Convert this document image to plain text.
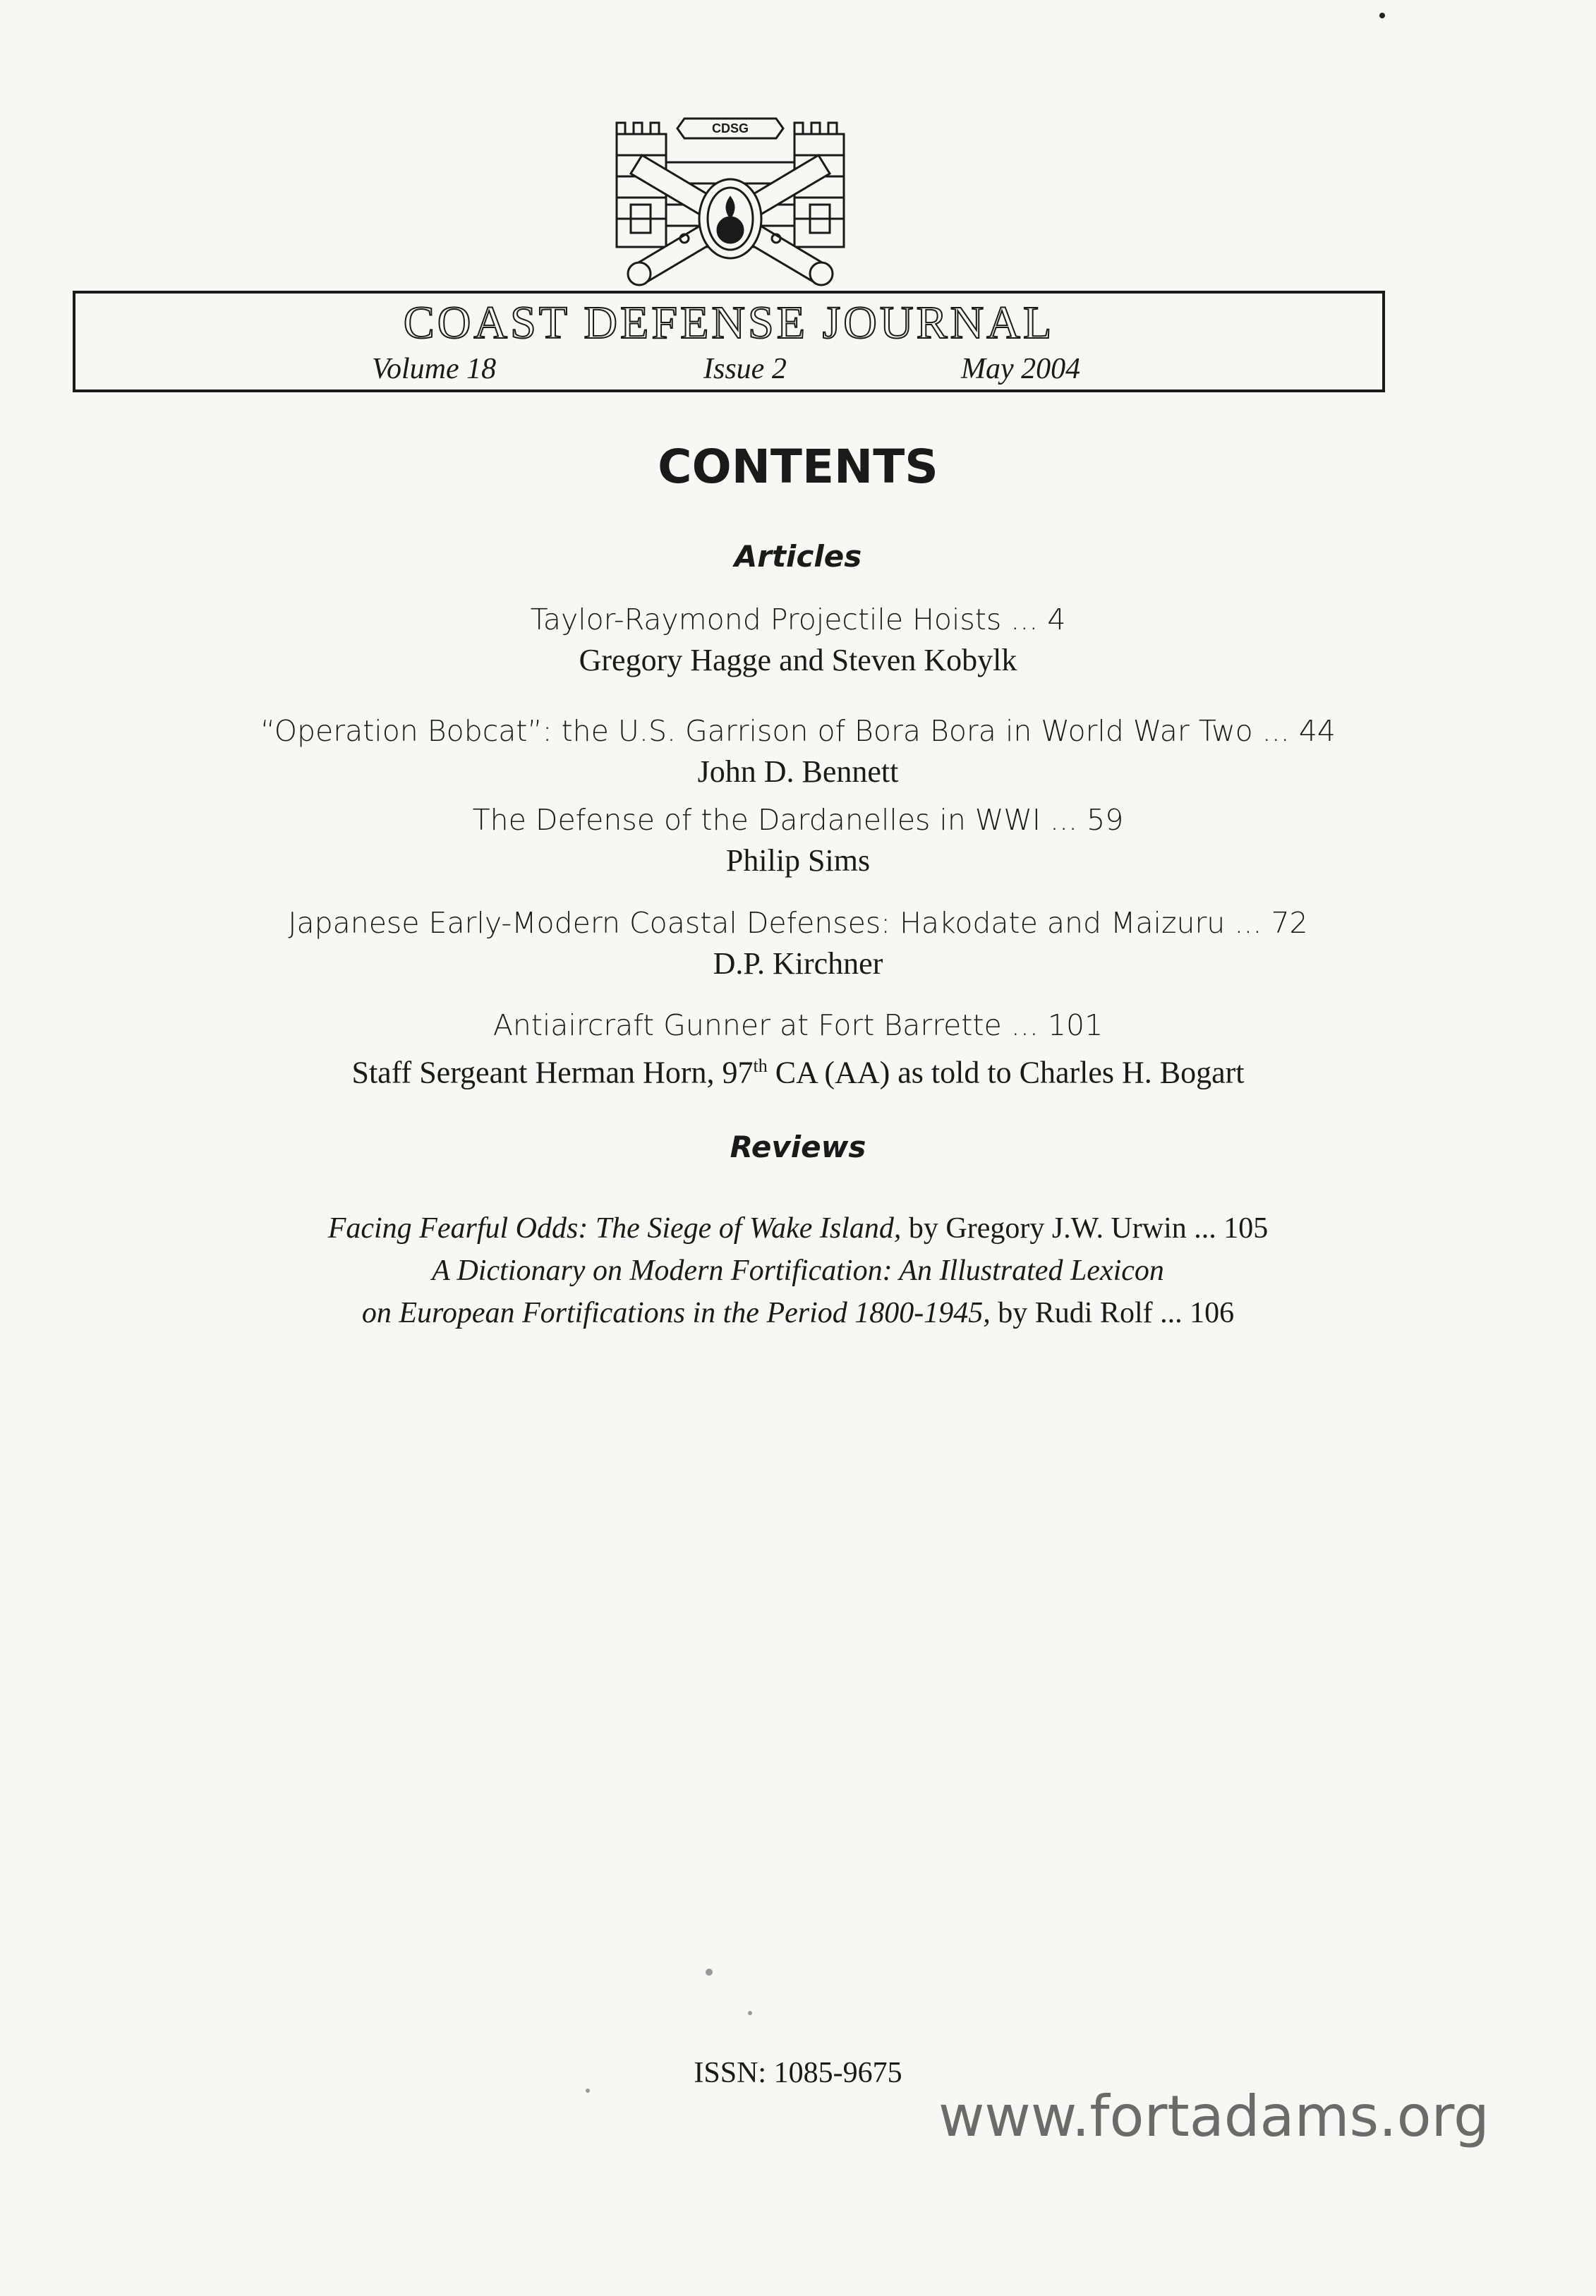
CDSG
COAST DEFENSE JOURNAL
Volume 18	Issue 2	May 2004
CONTENTS
Articles
Taylor-Raymond Projectile Hoists ... 4
Gregory Hagge and Steven Kobylk
“Operation Bobcat”: the U.S. Garrison of Bora Bora in World War Two ... 44
John D. Bennett
The Defense of the Dardanelles in WWI ... 59
Philip Sims
Japanese Early-Modern Coastal Defenses: Hakodate and Maizuru ... 72
D.P. Kirchner
Antiaircraft Gunner at Fort Barrette ... 101
Staff Sergeant Herman Horn, 97th CA (AA) as told to Charles H. Bogart
Reviews
Facing Fearful Odds: The Siege of Wake Island, by Gregory J.W. Urwin ... 105
A Dictionary on Modern Fortification: An Illustrated Lexicon
on European Fortifications in the Period 1800-1945, by Rudi Rolf ... 106
ISSN: 1085-9675
www.fortadams.org
